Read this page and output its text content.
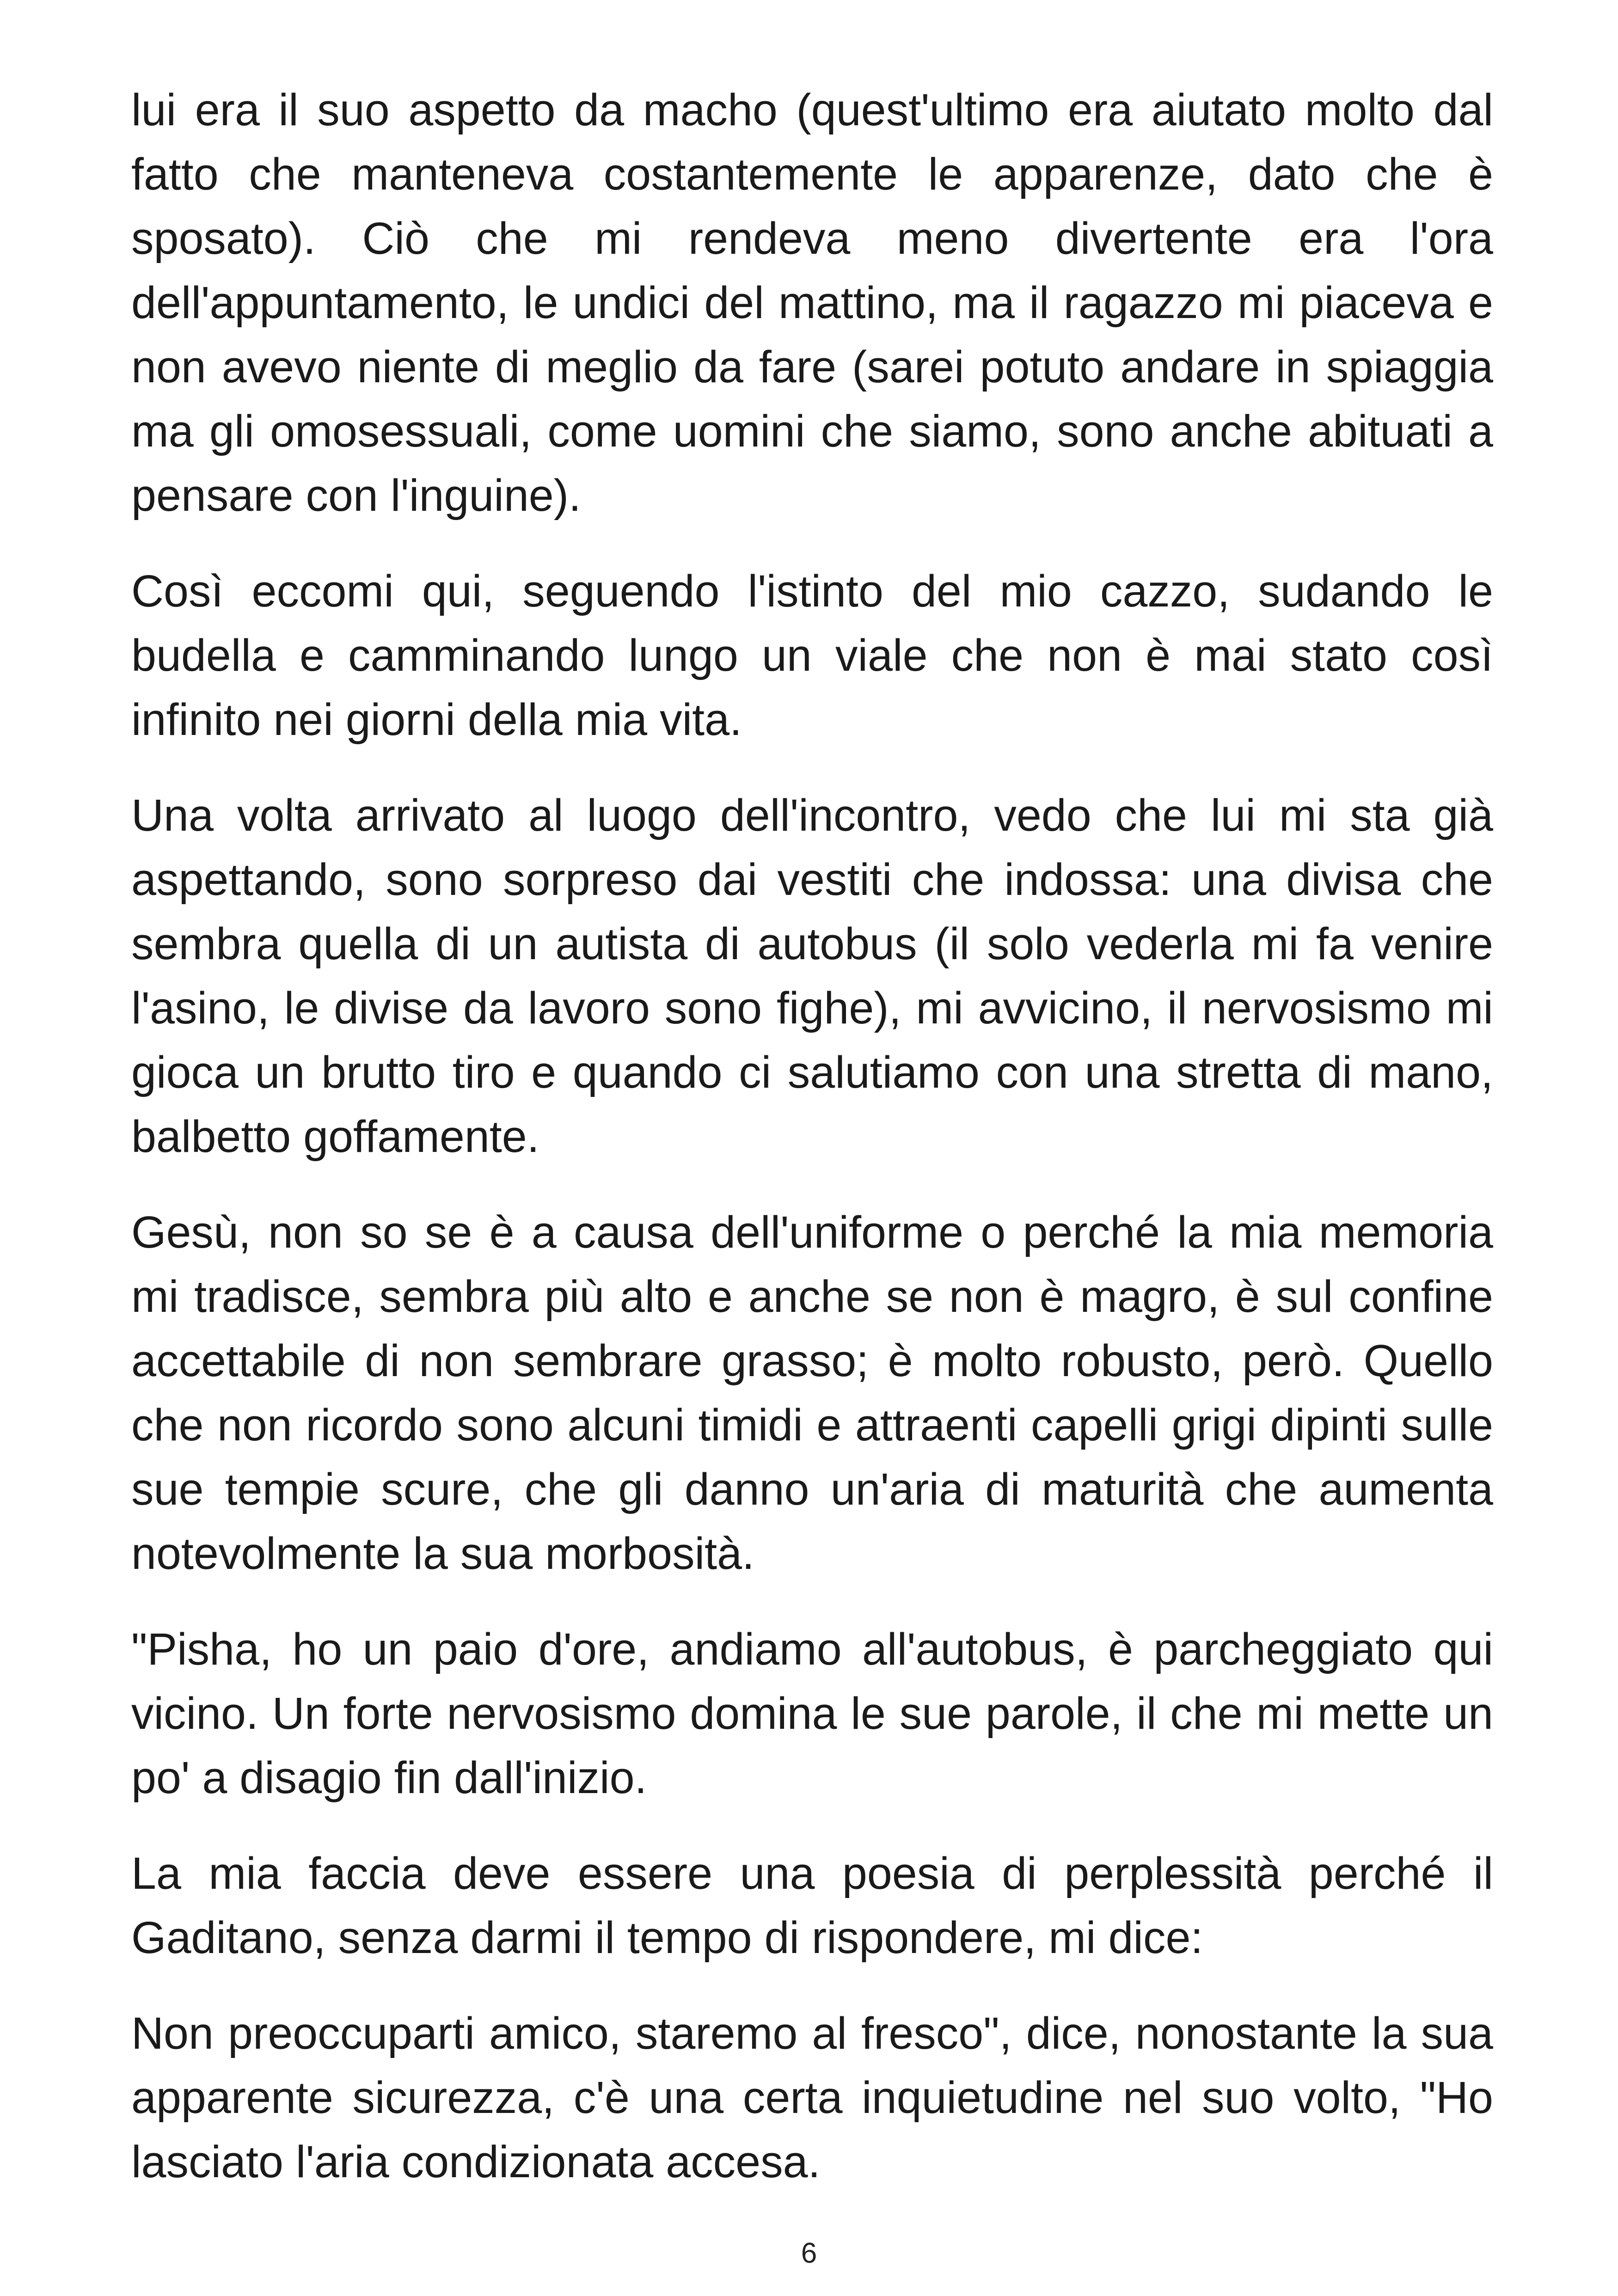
lui era il suo aspetto da macho (quest'ultimo era aiutato molto dal fatto che manteneva costantemente le apparenze, dato che è sposato). Ciò che mi rendeva meno divertente era l'ora dell'appuntamento, le undici del mattino, ma il ragazzo mi piaceva e non avevo niente di meglio da fare (sarei potuto andare in spiaggia ma gli omosessuali, come uomini che siamo, sono anche abituati a pensare con l'inguine).

Così eccomi qui, seguendo l'istinto del mio cazzo, sudando le budella e camminando lungo un viale che non è mai stato così infinito nei giorni della mia vita.

Una volta arrivato al luogo dell'incontro, vedo che lui mi sta già aspettando, sono sorpreso dai vestiti che indossa: una divisa che sembra quella di un autista di autobus (il solo vederla mi fa venire l'asino, le divise da lavoro sono fighe), mi avvicino, il nervosismo mi gioca un brutto tiro e quando ci salutiamo con una stretta di mano, balbetto goffamente.

Gesù, non so se è a causa dell'uniforme o perché la mia memoria mi tradisce, sembra più alto e anche se non è magro, è sul confine accettabile di non sembrare grasso; è molto robusto, però. Quello che non ricordo sono alcuni timidi e attraenti capelli grigi dipinti sulle sue tempie scure, che gli danno un'aria di maturità che aumenta notevolmente la sua morbosità.

"Pisha, ho un paio d'ore, andiamo all'autobus, è parcheggiato qui vicino. Un forte nervosismo domina le sue parole, il che mi mette un po' a disagio fin dall'inizio.

La mia faccia deve essere una poesia di perplessità perché il Gaditano, senza darmi il tempo di rispondere, mi dice:

Non preoccuparti amico, staremo al fresco", dice, nonostante la sua apparente sicurezza, c'è una certa inquietudine nel suo volto, "Ho lasciato l'aria condizionata accesa.

6
